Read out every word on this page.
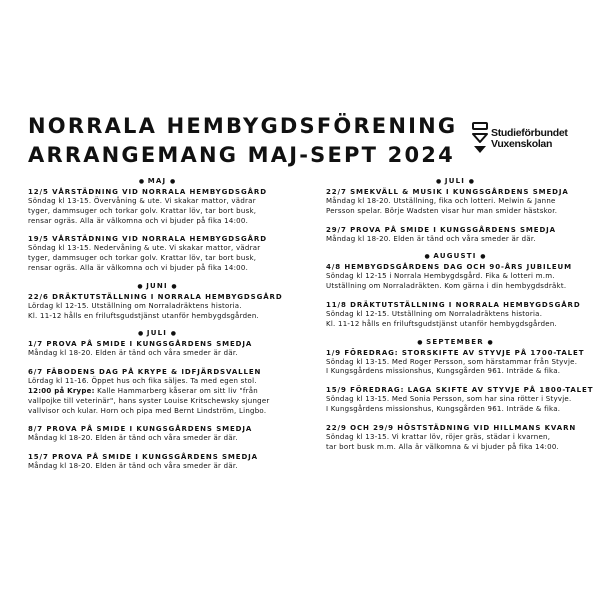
NORRALA HEMBYGDSFÖRENING
ARRANGEMANG MAJ-SEPT 2024
Studieförbundet
Vuxenskolan
● MAJ ●
12/5 VÅRSTÄDNING VID NORRALA HEMBYGDSGÅRD
Söndag kl 13-15. Övervåning & ute. Vi skakar mattor, vädrar
tyger, dammsuger och torkar golv. Krattar löv, tar bort busk,
rensar ogräs. Alla är välkomna och vi bjuder på fika 14:00.
19/5 VÅRSTÄDNING VID NORRALA HEMBYGDSGÅRD
Söndag kl 13-15. Nedervåning & ute. Vi skakar mattor, vädrar
tyger, dammsuger och torkar golv. Krattar löv, tar bort busk,
rensar ogräs. Alla är välkomna och vi bjuder på fika 14:00.
● JUNI ●
22/6 DRÄKTUTSTÄLLNING I NORRALA HEMBYGDSGÅRD
Lördag kl 12-15. Utställning om Norraladräktens historia.
Kl. 11-12 hålls en friluftsgudstjänst utanför hembygdsgården.
● JULI ●
1/7 PROVA PÅ SMIDE I KUNGSGÅRDENS SMEDJA
Måndag kl 18-20. Elden är tänd och våra smeder är där.
6/7 FÄBODENS DAG PÅ KRYPE & IDFJÄRDSVALLEN
Lördag kl 11-16. Öppet hus och fika säljes. Ta med egen stol.
12:00 på Krype: Kalle Hammarberg kåserar om sitt liv "från
vallpojke till veterinär", hans syster Louise Kritschewsky sjunger
vallvisor och kular. Horn och pipa med Bernt Lindström, Lingbo.
8/7 PROVA PÅ SMIDE I KUNGSGÅRDENS SMEDJA
Måndag kl 18-20. Elden är tänd och våra smeder är där.
15/7 PROVA PÅ SMIDE I KUNGSGÅRDENS SMEDJA
Måndag kl 18-20. Elden är tänd och våra smeder är där.
● JULI ●
22/7 SMEKVÄLL & MUSIK I KUNGSGÅRDENS SMEDJA
Måndag kl 18-20. Utställning, fika och lotteri. Melwin & Janne
Persson spelar. Börje Wadsten visar hur man smider hästskor.
29/7 PROVA PÅ SMIDE I KUNGSGÅRDENS SMEDJA
Måndag kl 18-20. Elden är tänd och våra smeder är där.
● AUGUSTI ●
4/8 HEMBYGDSGÅRDENS DAG OCH 90-ÅRS JUBILEUM
Söndag kl 12-15 i Norrala Hembygdsgård. Fika & lotteri m.m.
Utställning om Norraladräkten. Kom gärna i din hembygdsdräkt.
11/8 DRÄKTUTSTÄLLNING I NORRALA HEMBYGDSGÅRD
Söndag kl 12-15. Utställning om Norraladräktens historia.
Kl. 11-12 hålls en friluftsgudstjänst utanför hembygdsgården.
● SEPTEMBER ●
1/9 FÖREDRAG: STORSKIFTE AV STYVJE PÅ 1700-TALET
Söndag kl 13-15. Med Roger Persson, som härstammar från Styvje.
I Kungsgårdens missionshus, Kungsgården 961. Inträde & fika.
15/9 FÖREDRAG: LAGA SKIFTE AV STYVJE PÅ 1800-TALET
Söndag kl 13-15. Med Sonia Persson, som har sina rötter i Styvje.
I Kungsgårdens missionshus, Kungsgården 961. Inträde & fika.
22/9 OCH 29/9 HÖSTSTÄDNING VID HILLMANS KVARN
Söndag kl 13-15. Vi krattar löv, röjer gräs, städar i kvarnen,
tar bort busk m.m. Alla är välkomna & vi bjuder på fika 14:00.
